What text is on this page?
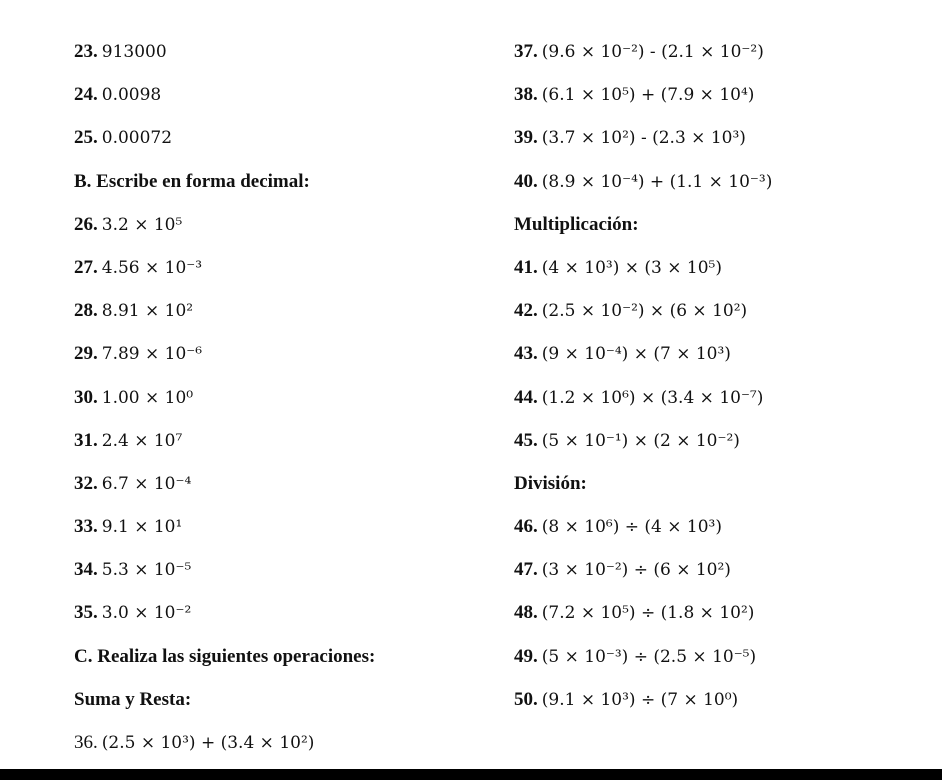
23. 913000
24. 0.0098
25. 0.00072
B. Escribe en forma decimal:
26. 3.2 × 10⁵
27. 4.56 × 10⁻³
28. 8.91 × 10²
29. 7.89 × 10⁻⁶
30. 1.00 × 10⁰
31. 2.4 × 10⁷
32. 6.7 × 10⁻⁴
33. 9.1 × 10¹
34. 5.3 × 10⁻⁵
35. 3.0 × 10⁻²
C. Realiza las siguientes operaciones:
Suma y Resta:
36. (2.5 × 10³) + (3.4 × 10²)
37. (9.6 × 10⁻²) - (2.1 × 10⁻²)
38. (6.1 × 10⁵) + (7.9 × 10⁴)
39. (3.7 × 10²) - (2.3 × 10³)
40. (8.9 × 10⁻⁴) + (1.1 × 10⁻³)
Multiplicación:
41. (4 × 10³) × (3 × 10⁵)
42. (2.5 × 10⁻²) × (6 × 10²)
43. (9 × 10⁻⁴) × (7 × 10³)
44. (1.2 × 10⁶) × (3.4 × 10⁻⁷)
45. (5 × 10⁻¹) × (2 × 10⁻²)
División:
46. (8 × 10⁶) ÷ (4 × 10³)
47. (3 × 10⁻²) ÷ (6 × 10²)
48. (7.2 × 10⁵) ÷ (1.8 × 10²)
49. (5 × 10⁻³) ÷ (2.5 × 10⁻⁵)
50. (9.1 × 10³) ÷ (7 × 10⁰)
